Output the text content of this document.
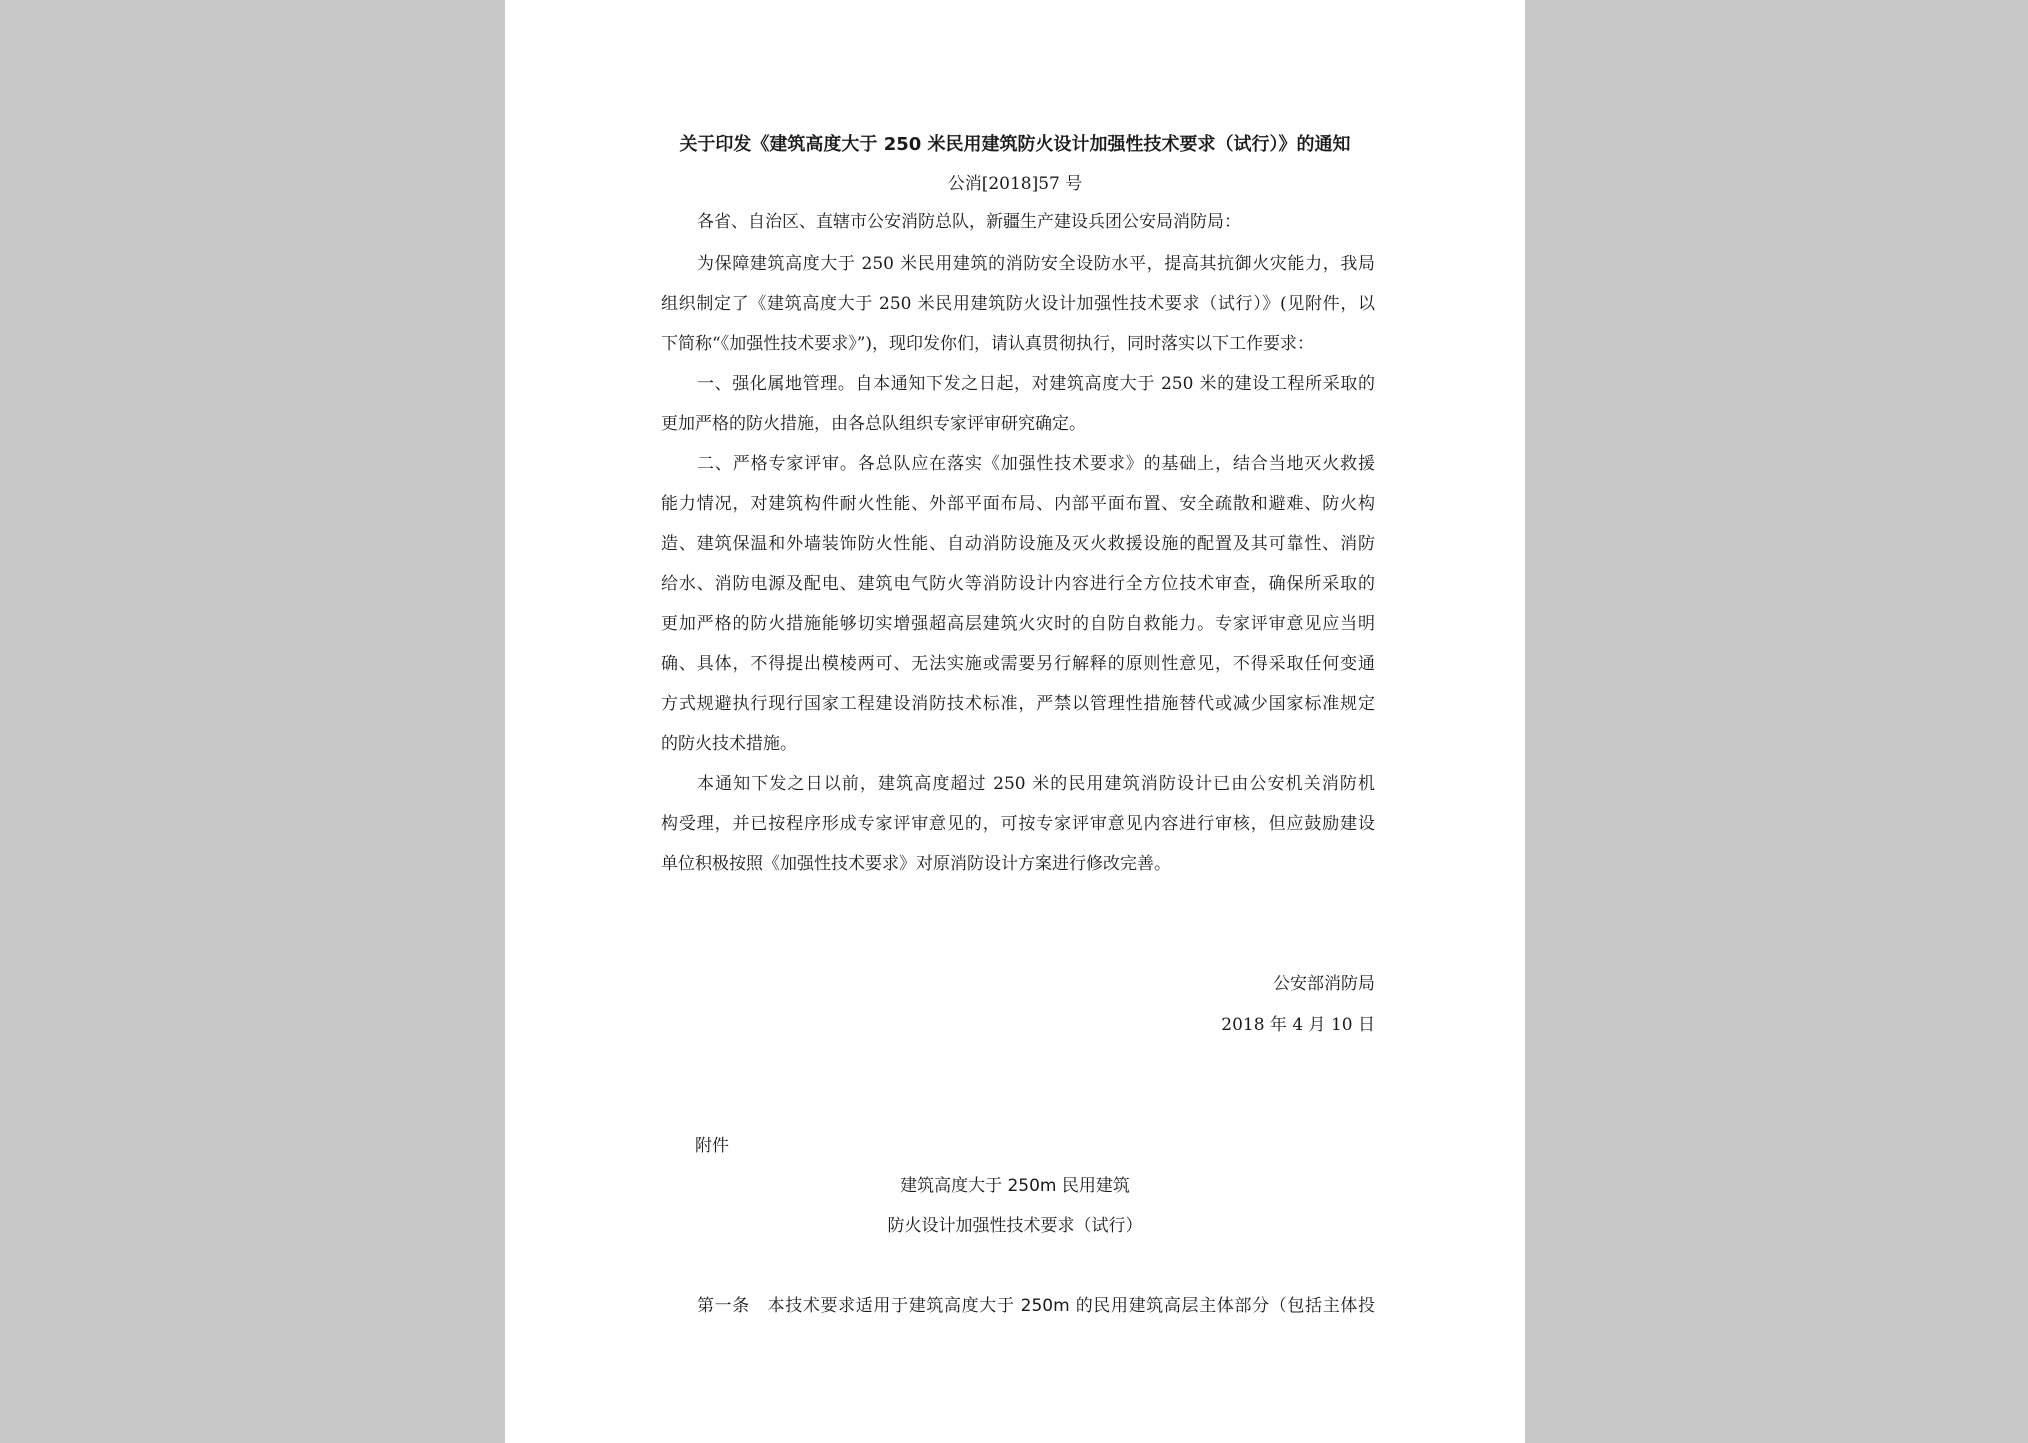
关于印发《建筑高度大于 250 米民用建筑防火设计加强性技术要求（试行）》的通知
公消[2018]57 号
各省、自治区、直辖市公安消防总队，新疆生产建设兵团公安局消防局：
为保障建筑高度大于 250 米民用建筑的消防安全设防水平，提高其抗御火灾能力，我局
组织制定了《建筑高度大于 250 米民用建筑防火设计加强性技术要求（试行）》(见附件，以
下简称“《加强性技术要求》”)，现印发你们，请认真贯彻执行，同时落实以下工作要求：
一、强化属地管理。自本通知下发之日起，对建筑高度大于 250 米的建设工程所采取的
更加严格的防火措施，由各总队组织专家评审研究确定。
二、严格专家评审。各总队应在落实《加强性技术要求》的基础上，结合当地灭火救援
能力情况，对建筑构件耐火性能、外部平面布局、内部平面布置、安全疏散和避难、防火构
造、建筑保温和外墙装饰防火性能、自动消防设施及灭火救援设施的配置及其可靠性、消防
给水、消防电源及配电、建筑电气防火等消防设计内容进行全方位技术审查，确保所采取的
更加严格的防火措施能够切实增强超高层建筑火灾时的自防自救能力。专家评审意见应当明
确、具体，不得提出模棱两可、无法实施或需要另行解释的原则性意见，不得采取任何变通
方式规避执行现行国家工程建设消防技术标准，严禁以管理性措施替代或减少国家标准规定
的防火技术措施。
本通知下发之日以前，建筑高度超过 250 米的民用建筑消防设计已由公安机关消防机
构受理，并已按程序形成专家评审意见的，可按专家评审意见内容进行审核，但应鼓励建设
单位积极按照《加强性技术要求》对原消防设计方案进行修改完善。
公安部消防局
2018 年 4 月 10 日
附件
建筑高度大于 250m 民用建筑
防火设计加强性技术要求（试行）
第一条　本技术要求适用于建筑高度大于 250m 的民用建筑高层主体部分（包括主体投
